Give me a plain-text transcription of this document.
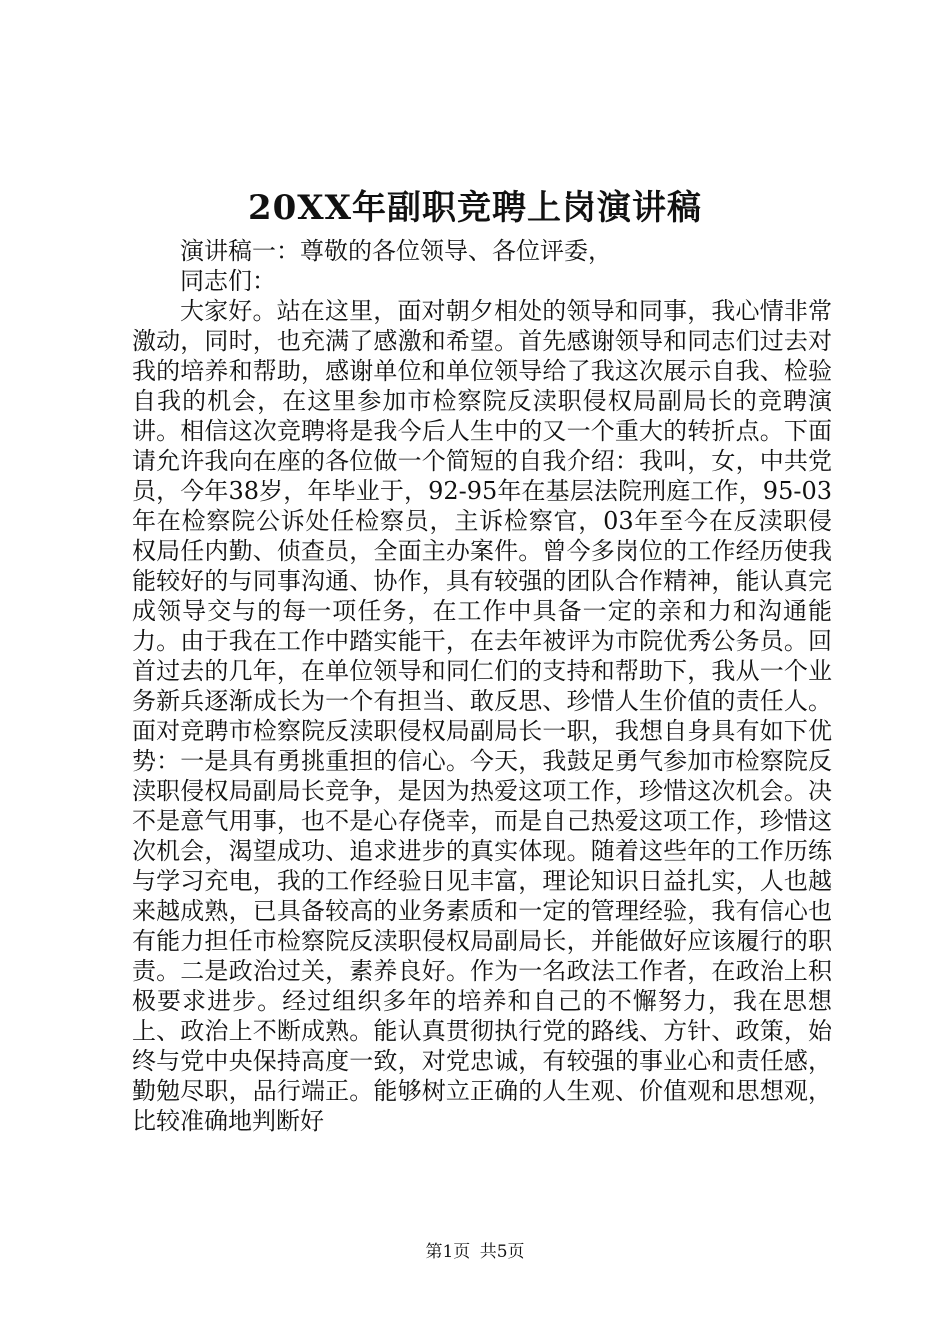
20XX年副职竞聘上岗演讲稿

演讲稿一：尊敬的各位领导、各位评委，

同志们：

大家好。站在这里，面对朝夕相处的领导和同事，我心情非常激动，同时，也充满了感激和希望。首先感谢领导和同志们过去对我的培养和帮助，感谢单位和单位领导给了我这次展示自我、检验自我的机会，在这里参加市检察院反渎职侵权局副局长的竞聘演讲。相信这次竞聘将是我今后人生中的又一个重大的转折点。下面请允许我向在座的各位做一个简短的自我介绍：我叫，女，中共党员，今年38岁，年毕业于，92-95年在基层法院刑庭工作，95-03年在检察院公诉处任检察员，主诉检察官，03年至今在反渎职侵权局任内勤、侦查员，全面主办案件。曾今多岗位的工作经历使我能较好的与同事沟通、协作，具有较强的团队合作精神，能认真完成领导交与的每一项任务，在工作中具备一定的亲和力和沟通能力。由于我在工作中踏实能干，在去年被评为市院优秀公务员。回首过去的几年，在单位领导和同仁们的支持和帮助下，我从一个业务新兵逐渐成长为一个有担当、敢反思、珍惜人生价值的责任人。面对竞聘市检察院反渎职侵权局副局长一职，我想自身具有如下优势：一是具有勇挑重担的信心。今天，我鼓足勇气参加市检察院反渎职侵权局副局长竞争，是因为热爱这项工作，珍惜这次机会。决不是意气用事，也不是心存侥幸，而是自己热爱这项工作，珍惜这次机会，渴望成功、追求进步的真实体现。随着这些年的工作历练与学习充电，我的工作经验日见丰富，理论知识日益扎实，人也越来越成熟，已具备较高的业务素质和一定的管理经验，我有信心也有能力担任市检察院反渎职侵权局副局长，并能做好应该履行的职责。二是政治过关，素养良好。作为一名政法工作者，在政治上积极要求进步。经过组织多年的培养和自己的不懈努力，我在思想上、政治上不断成熟。能认真贯彻执行党的路线、方针、政策，始终与党中央保持高度一致，对党忠诚，有较强的事业心和责任感，勤勉尽职，品行端正。能够树立正确的人生观、价值观和思想观，比较准确地判断好

第1页 共5页
